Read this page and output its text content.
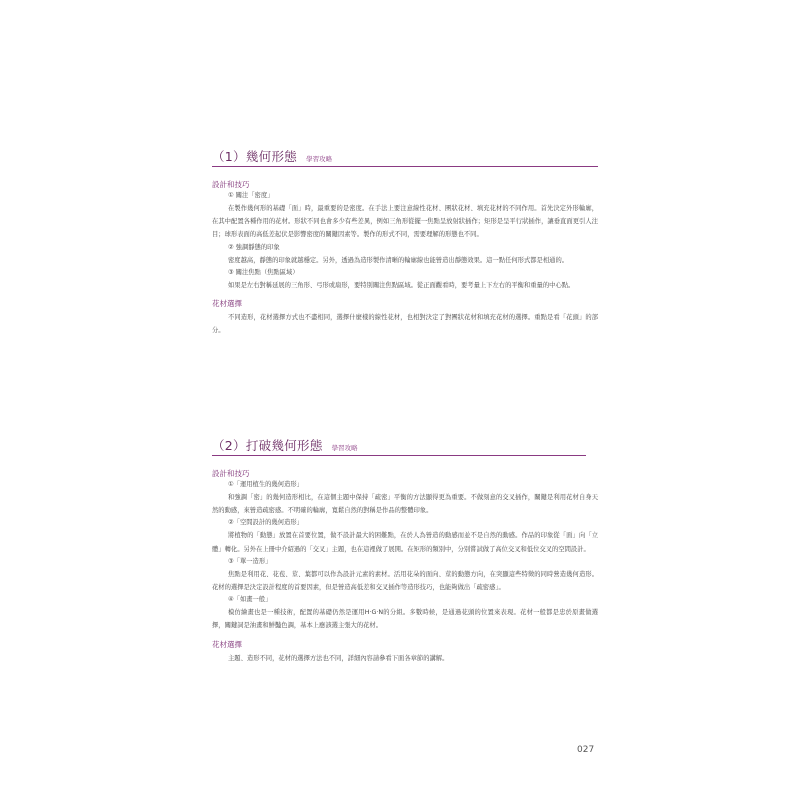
（1）幾何形態 學習攻略
設計和技巧
① 關注「密度」

在製作幾何形的基礎「面」時，最重要的是密度。在手法上要注意線性花材、團狀花材、填充花材的不同作用。首先決定外形輪廓，在其中配置各種作用的花材。形狀不同也會多少有些差異，例如三角形從擺一焦點呈放射狀插作；矩形是呈平行狀插作，讓垂直面更引人注目；球形表面的高低差起伏是影響密度的關鍵因素等。製作的形式不同，需要理解的形態也不同。

② 強調靜態的印象

密度越高，靜態的印象就越穩定。另外，透過為造形製作清晰的輪廓線也能營造出靜態效果。這一點任何形式都是相通的。

③ 關注焦點（焦點區域）

如果是左右對稱延展的三角形、弓形或扇形，要特別關注焦點區域。從正面觀看時，要考量上下左右的平衡和重量的中心點。

花材選擇

不同造形，花材選擇方式也不盡相同，選擇什麼樣的線性花材，也相對決定了對團狀花材和填充花材的選擇。重點是看「花頭」的部分。

（2）打破幾何形態 學習攻略
設計和技巧
①「運用植生的幾何造形」

和強調「密」的幾何造形相比，在這個主題中保持「疏密」平衡的方法顯得更為重要。不做刻意的交叉插作，關鍵是利用花材自身天然的動感，來營造疏密感。不明確的輪廓，寬鬆自然的對稱是作品的整體印象。

②「空間設計的幾何造形」

將植物的「動態」放置在首要位置，做不設計最大的困難點，在於人為營造的動感而並不是自然的動感。作品的印象從「面」向「立體」轉化。另外在上冊中介紹過的「交叉」主題，也在這裡做了展開。在矩形的類別中，分別嘗試做了高位交叉和低位交叉的空間設計。

③「單一造形」

焦點是利用花、花苞、莖、葉都可以作為設計元素的素材。活用花朵的面向、莖的動態方向，在突顯這些特徵的同時營造幾何造形。花材的選擇是決定設計程度的首要因素，但是營造高低差和交叉插作等造形技巧，也能夠做出「疏密感」。

④「如畫一般」

模仿繪畫也是一種技術，配置的基礎仍然是運用H·G·N的分組。多數時候，是通過花頭的位置來表現。花材一般都是忠於原畫做選擇，關鍵詞是油畫和鮮豔色調，基本上應該選主張大的花材。

花材選擇

主題、造形不同，花材的選擇方法也不同，詳細內容請參看下面各章節的講解。

027
